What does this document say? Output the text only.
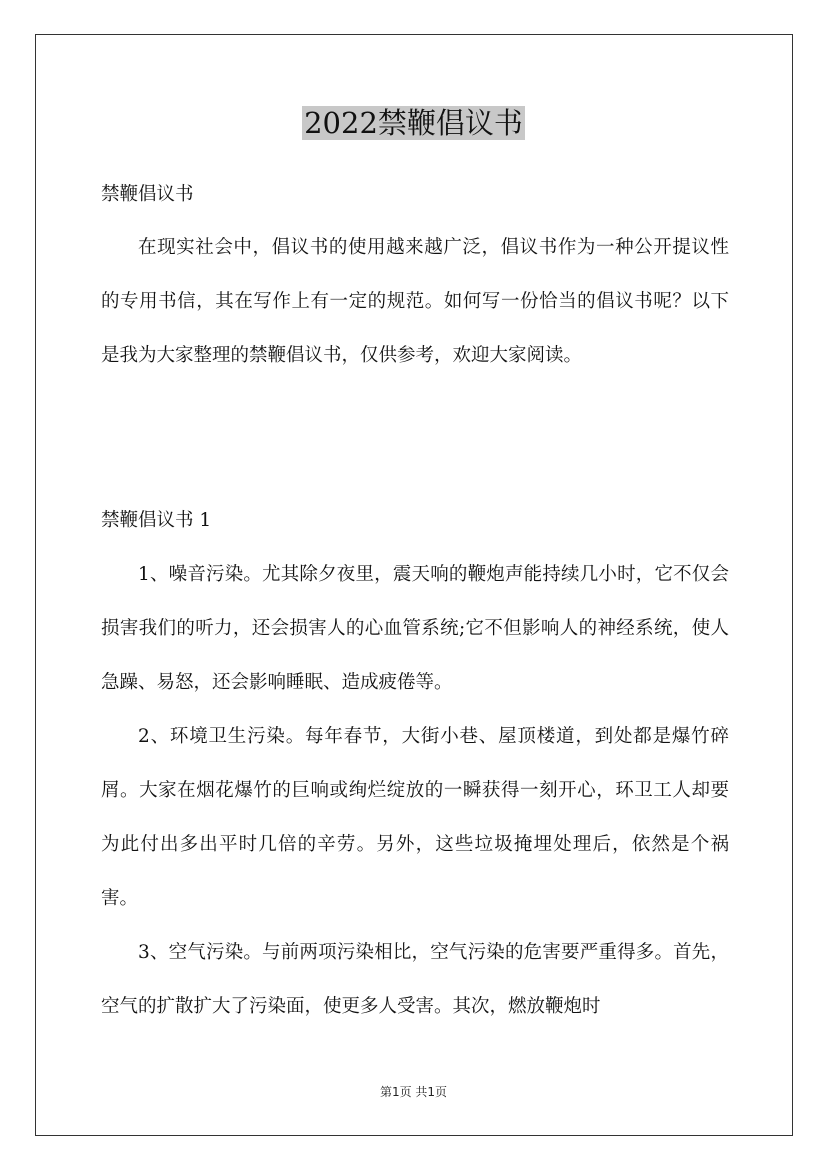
2022禁鞭倡议书

禁鞭倡议书

在现实社会中，倡议书的使用越来越广泛，倡议书作为一种公开提议性的专用书信，其在写作上有一定的规范。如何写一份恰当的倡议书呢？以下是我为大家整理的禁鞭倡议书，仅供参考，欢迎大家阅读。

禁鞭倡议书 1

1、噪音污染。尤其除夕夜里，震天响的鞭炮声能持续几小时，它不仅会损害我们的听力，还会损害人的心血管系统;它不但影响人的神经系统，使人急躁、易怒，还会影响睡眠、造成疲倦等。

2、环境卫生污染。每年春节，大街小巷、屋顶楼道，到处都是爆竹碎屑。大家在烟花爆竹的巨响或绚烂绽放的一瞬获得一刻开心，环卫工人却要为此付出多出平时几倍的辛劳。另外，这些垃圾掩埋处理后，依然是个祸害。

3、空气污染。与前两项污染相比，空气污染的危害要严重得多。首先，空气的扩散扩大了污染面，使更多人受害。其次，燃放鞭炮时

第1页 共1页
